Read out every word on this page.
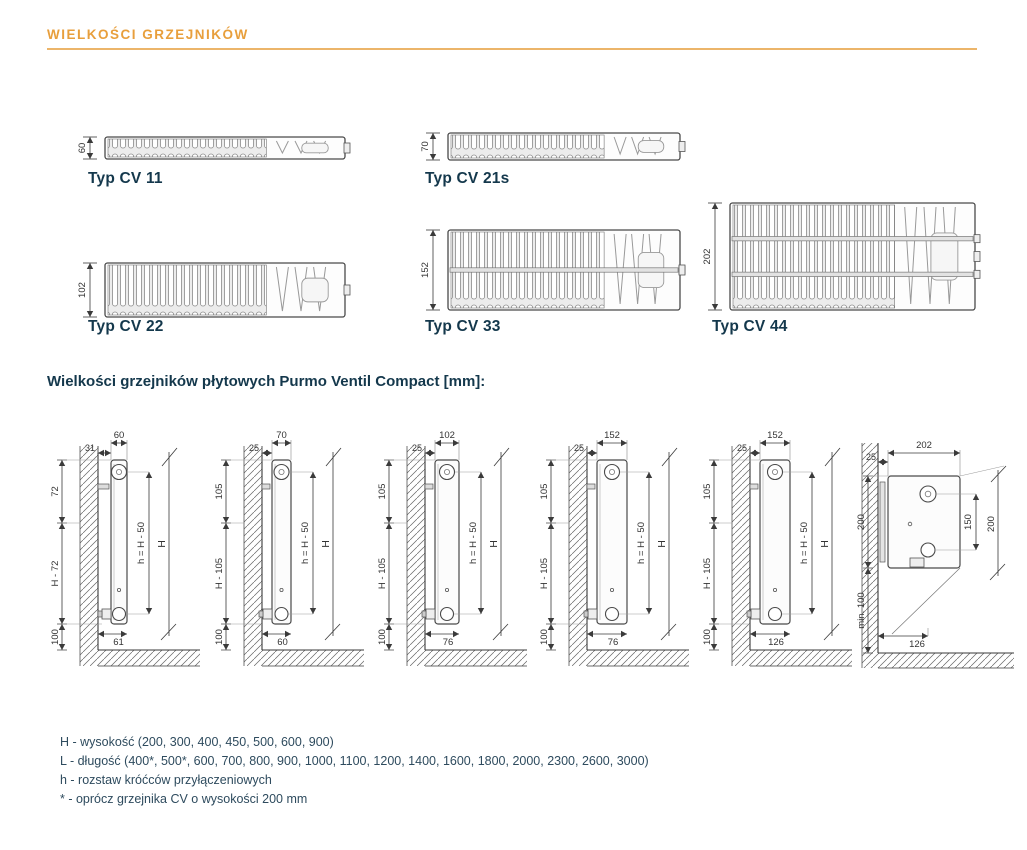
WIELKOŚCI GRZEJNIKÓW
60	70
102
152
202
Typ CV 11	Typ CV 21s
Typ CV 22	Typ CV 33	Typ CV 44
Wielkości grzejników płytowych Purmo Ventil Compact [mm]:
60
31
72
H - 72
100
h = H - 50 H
61
70
25
105
H - 105
100
h = H - 50 H
60
102
25
105
H - 105
100
h = H - 50 H
76
152
25
105
H - 105
100
h = H - 50 H
76
152
25
105
H - 105
100
h = H - 50 H
126
202
25
200
min. 100
150 200
126
H - wysokość (200, 300, 400, 450, 500, 600, 900)
L - długość (400*, 500*, 600, 700, 800, 900, 1000, 1100, 1200, 1400, 1600, 1800, 2000, 2300, 2600, 3000)
h - rozstaw króćców przyłączeniowych
* - oprócz grzejnika CV o wysokości 200 mm
